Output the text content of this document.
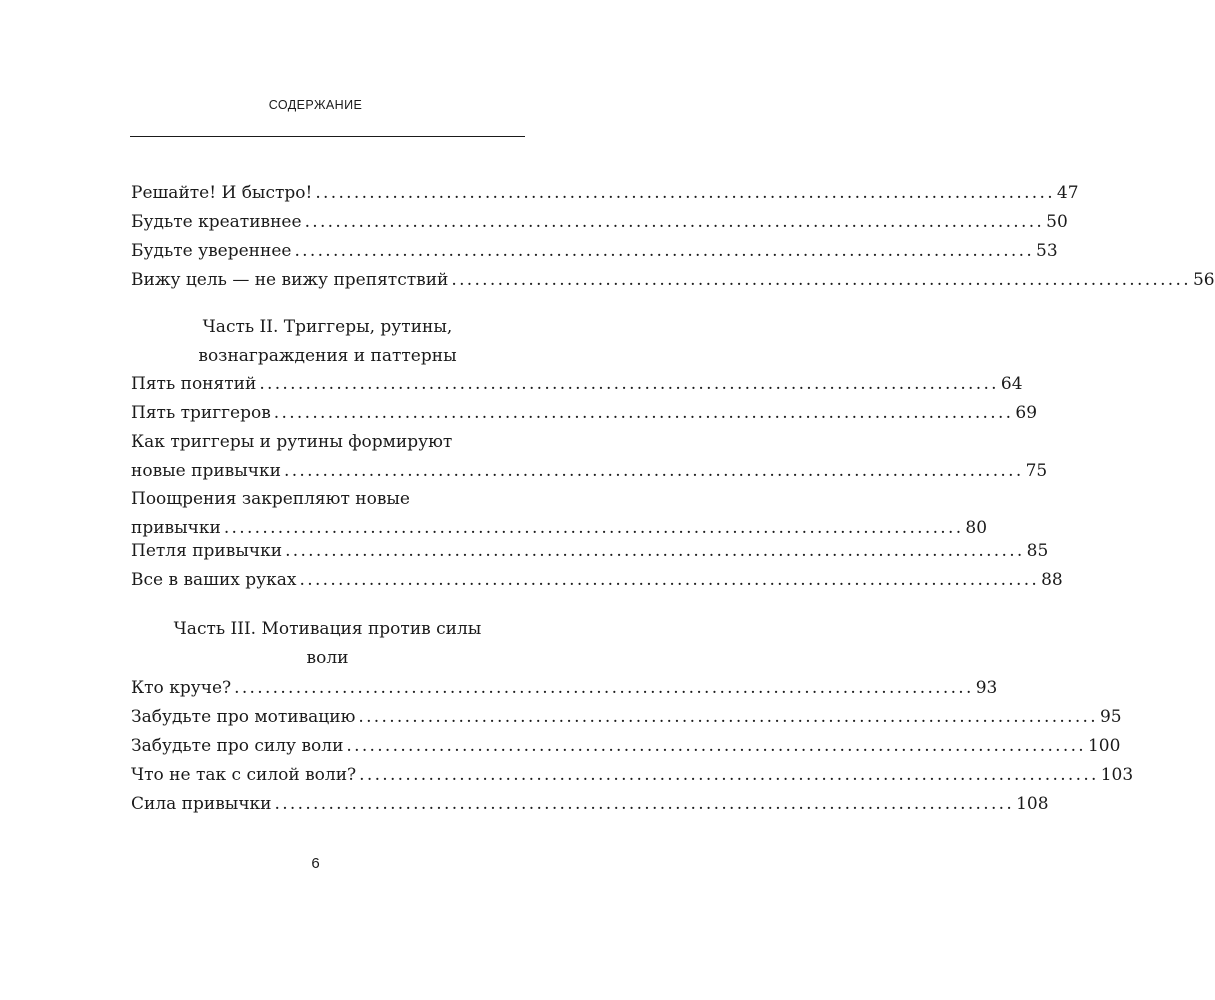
СОДЕРЖАНИЕ
Решайте! И быстро! ................................................................................................ 47
Будьте креативнее ................................................................................................ 50
Будьте увереннее ................................................................................................ 53
Вижу цель — не вижу препятствий ................................................................................................ 56
Часть II. Триггеры, рутины,
вознаграждения и паттерны
Пять понятий ................................................................................................ 64
Пять триггеров ................................................................................................ 69
Как триггеры и рутины формируют
новые привычки ................................................................................................ 75
Поощрения закрепляют новые
привычки ................................................................................................ 80
Петля привычки ................................................................................................ 85
Все в ваших руках ................................................................................................ 88
Часть III. Мотивация против силы
воли
Кто круче? ................................................................................................ 93
Забудьте про мотивацию ................................................................................................ 95
Забудьте про силу воли ................................................................................................ 100
Что не так с силой воли? ................................................................................................ 103
Сила привычки ................................................................................................ 108
6
